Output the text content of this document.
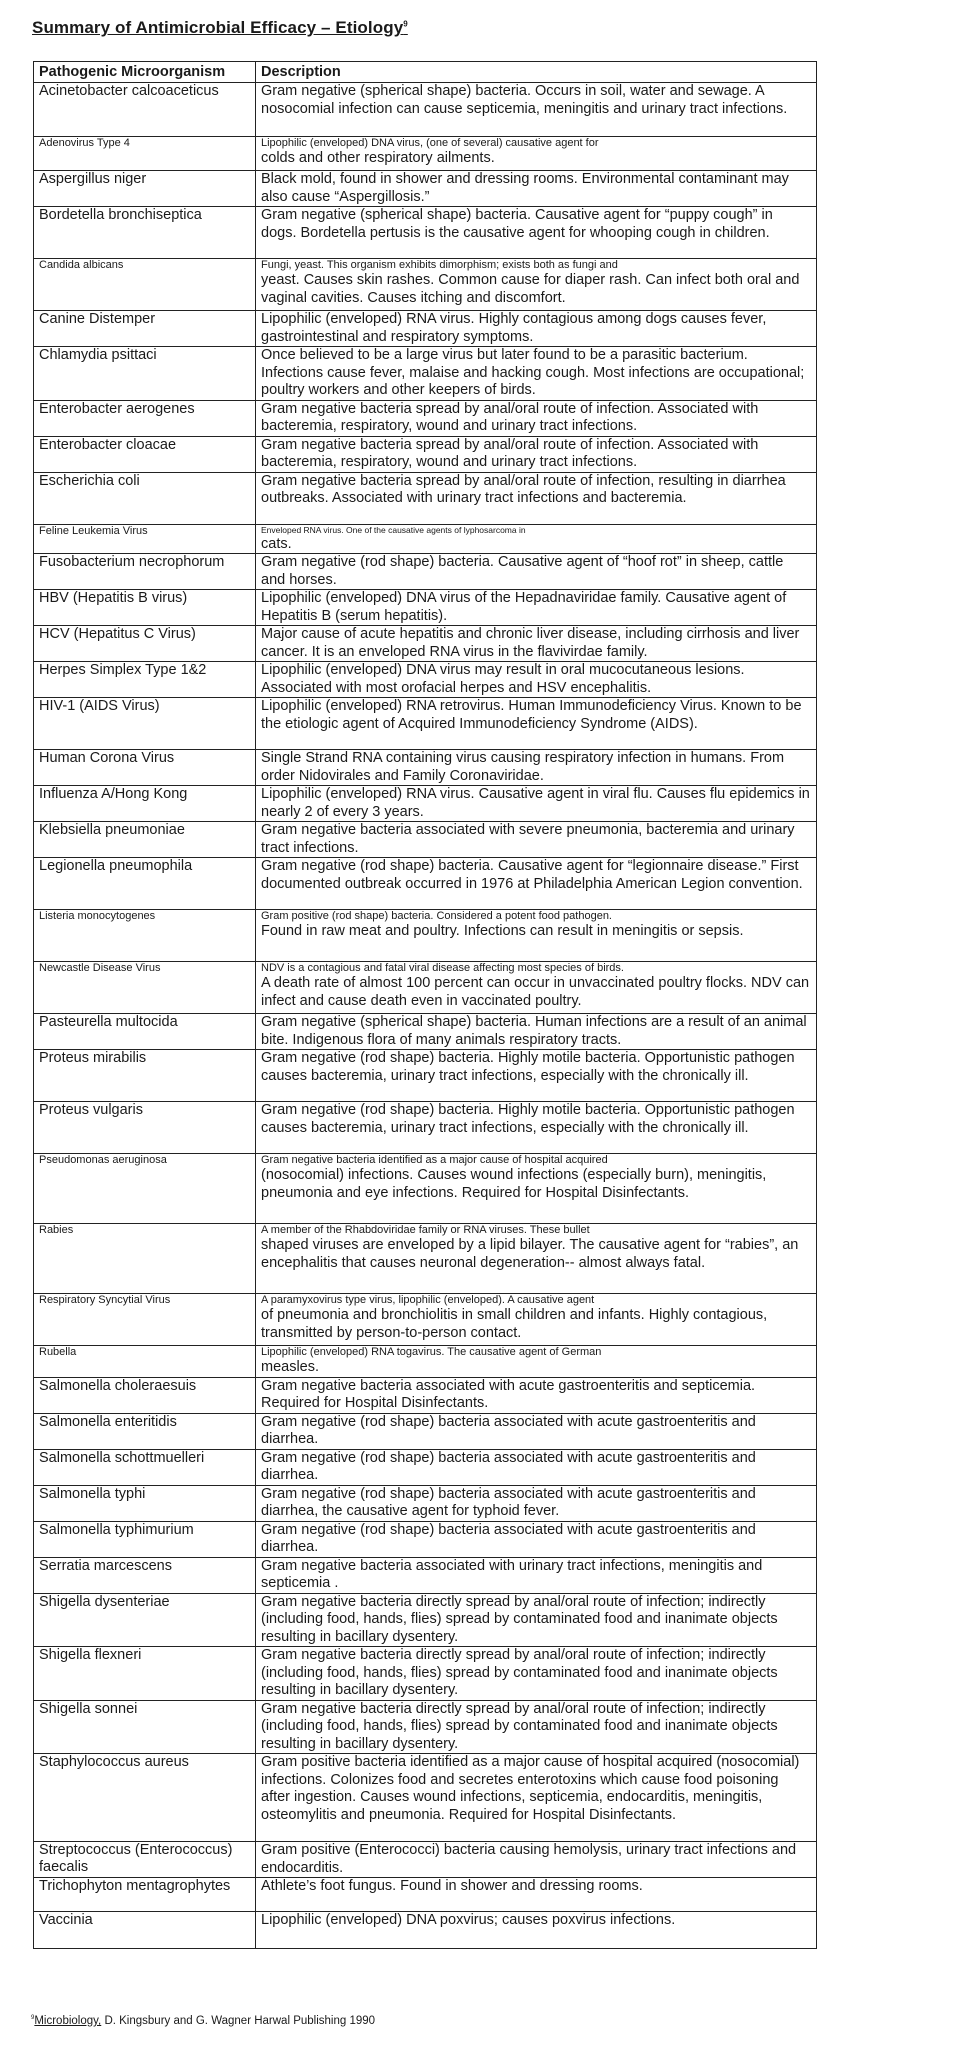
Summary of Antimicrobial Efficacy – Etiology$^9$
Pathogenic Microorganism	Description
Acinetobacter calcoaceticus	Gram negative (spherical shape) bacteria. Occurs in soil, water and sewage. A nosocomial infection can cause septicemia, meningitis and urinary tract infections.
Adenovirus Type 4	Lipophilic (enveloped) DNA virus, (one of several) causative agent for
colds and other respiratory ailments.
Aspergillus niger	Black mold, found in shower and dressing rooms. Environmental contaminant may also cause “Aspergillosis.”
Bordetella bronchiseptica	Gram negative (spherical shape) bacteria. Causative agent for “puppy cough” in dogs. Bordetella pertusis is the causative agent for whooping cough in children.
Candida albicans	Fungi, yeast. This organism exhibits dimorphism; exists both as fungi and
yeast. Causes skin rashes. Common cause for diaper rash. Can infect both oral and vaginal cavities. Causes itching and discomfort.
Canine Distemper	Lipophilic (enveloped) RNA virus. Highly contagious among dogs causes fever, gastrointestinal and respiratory symptoms.
Chlamydia psittaci	Once believed to be a large virus but later found to be a parasitic bacterium. Infections cause fever, malaise and hacking cough. Most infections are occupational; poultry workers and other keepers of birds.
Enterobacter aerogenes	Gram negative bacteria spread by anal/oral route of infection. Associated with bacteremia, respiratory, wound and urinary tract infections.
Enterobacter cloacae	Gram negative bacteria spread by anal/oral route of infection. Associated with bacteremia, respiratory, wound and urinary tract infections.
Escherichia coli	Gram negative bacteria spread by anal/oral route of infection, resulting in diarrhea outbreaks. Associated with urinary tract infections and bacteremia.
Feline Leukemia Virus	Enveloped RNA virus. One of the causative agents of lyphosarcoma in
cats.
Fusobacterium necrophorum	Gram negative (rod shape) bacteria. Causative agent of “hoof rot” in sheep, cattle and horses.
HBV (Hepatitis B virus)	Lipophilic (enveloped) DNA virus of the Hepadnaviridae family. Causative agent of Hepatitis B (serum hepatitis).
HCV (Hepatitus C Virus)	Major cause of acute hepatitis and chronic liver disease, including cirrhosis and liver cancer. It is an enveloped RNA virus in the flavivirdae family.
Herpes Simplex Type 1&2	Lipophilic (enveloped) DNA virus may result in oral mucocutaneous lesions. Associated with most orofacial herpes and HSV encephalitis.
HIV-1 (AIDS Virus)	Lipophilic (enveloped) RNA retrovirus. Human Immunodeficiency Virus. Known to be the etiologic agent of Acquired Immunodeficiency Syndrome (AIDS).
Human Corona Virus	Single Strand RNA containing virus causing respiratory infection in humans. From order Nidovirales and Family Coronaviridae.
Influenza A/Hong Kong	Lipophilic (enveloped) RNA virus. Causative agent in viral flu. Causes flu epidemics in nearly 2 of every 3 years.
Klebsiella pneumoniae	Gram negative bacteria associated with severe pneumonia, bacteremia and urinary tract infections.
Legionella pneumophila	Gram negative (rod shape) bacteria. Causative agent for “legionnaire disease.” First documented outbreak occurred in 1976 at Philadelphia American Legion convention.
Listeria monocytogenes	Gram positive (rod shape) bacteria. Considered a potent food pathogen.
Found in raw meat and poultry. Infections can result in meningitis or sepsis.
Newcastle Disease Virus	NDV is a contagious and fatal viral disease affecting most species of birds.
A death rate of almost 100 percent can occur in unvaccinated poultry flocks. NDV can infect and cause death even in vaccinated poultry.
Pasteurella multocida	Gram negative (spherical shape) bacteria. Human infections are a result of an animal bite. Indigenous flora of many animals respiratory tracts.
Proteus mirabilis	Gram negative (rod shape) bacteria. Highly motile bacteria. Opportunistic pathogen causes bacteremia, urinary tract infections, especially with the chronically ill.
Proteus vulgaris	Gram negative (rod shape) bacteria. Highly motile bacteria. Opportunistic pathogen causes bacteremia, urinary tract infections, especially with the chronically ill.
Pseudomonas aeruginosa	Gram negative bacteria identified as a major cause of hospital acquired
(nosocomial) infections. Causes wound infections (especially burn), meningitis, pneumonia and eye infections. Required for Hospital Disinfectants.
Rabies	A member of the Rhabdoviridae family or RNA viruses. These bullet
shaped viruses are enveloped by a lipid bilayer. The causative agent for “rabies”, an encephalitis that causes neuronal degeneration-- almost always fatal.
Respiratory Syncytial Virus	A paramyxovirus type virus, lipophilic (enveloped). A causative agent
of pneumonia and bronchiolitis in small children and infants. Highly contagious, transmitted by person-to-person contact.
Rubella	Lipophilic (enveloped) RNA togavirus. The causative agent of German
measles.
Salmonella choleraesuis	Gram negative bacteria associated with acute gastroenteritis and septicemia. Required for Hospital Disinfectants.
Salmonella enteritidis	Gram negative (rod shape) bacteria associated with acute gastroenteritis and diarrhea.
Salmonella schottmuelleri	Gram negative (rod shape) bacteria associated with acute gastroenteritis and diarrhea.
Salmonella typhi	Gram negative (rod shape) bacteria associated with acute gastroenteritis and diarrhea, the causative agent for typhoid fever.
Salmonella typhimurium	Gram negative (rod shape) bacteria associated with acute gastroenteritis and diarrhea.
Serratia marcescens	Gram negative bacteria associated with urinary tract infections, meningitis and septicemia .
Shigella dysenteriae	Gram negative bacteria directly spread by anal/oral route of infection; indirectly (including food, hands, flies) spread by contaminated food and inanimate objects resulting in bacillary dysentery.
Shigella flexneri	Gram negative bacteria directly spread by anal/oral route of infection; indirectly (including food, hands, flies) spread by contaminated food and inanimate objects resulting in bacillary dysentery.
Shigella sonnei	Gram negative bacteria directly spread by anal/oral route of infection; indirectly (including food, hands, flies) spread by contaminated food and inanimate objects resulting in bacillary dysentery.
Staphylococcus aureus	Gram positive bacteria identified as a major cause of hospital acquired (nosocomial) infections. Colonizes food and secretes enterotoxins which cause food poisoning after ingestion. Causes wound infections, septicemia, endocarditis, meningitis, osteomylitis and pneumonia. Required for Hospital Disinfectants.
Streptococcus (Enterococcus) faecalis	Gram positive (Enterococci) bacteria causing hemolysis, urinary tract infections and endocarditis.
Trichophyton mentagrophytes	Athlete’s foot fungus. Found in shower and dressing rooms.
Vaccinia	Lipophilic (enveloped) DNA poxvirus; causes poxvirus infections.
$^9$Microbiology, D. Kingsbury and G. Wagner Harwal Publishing 1990
